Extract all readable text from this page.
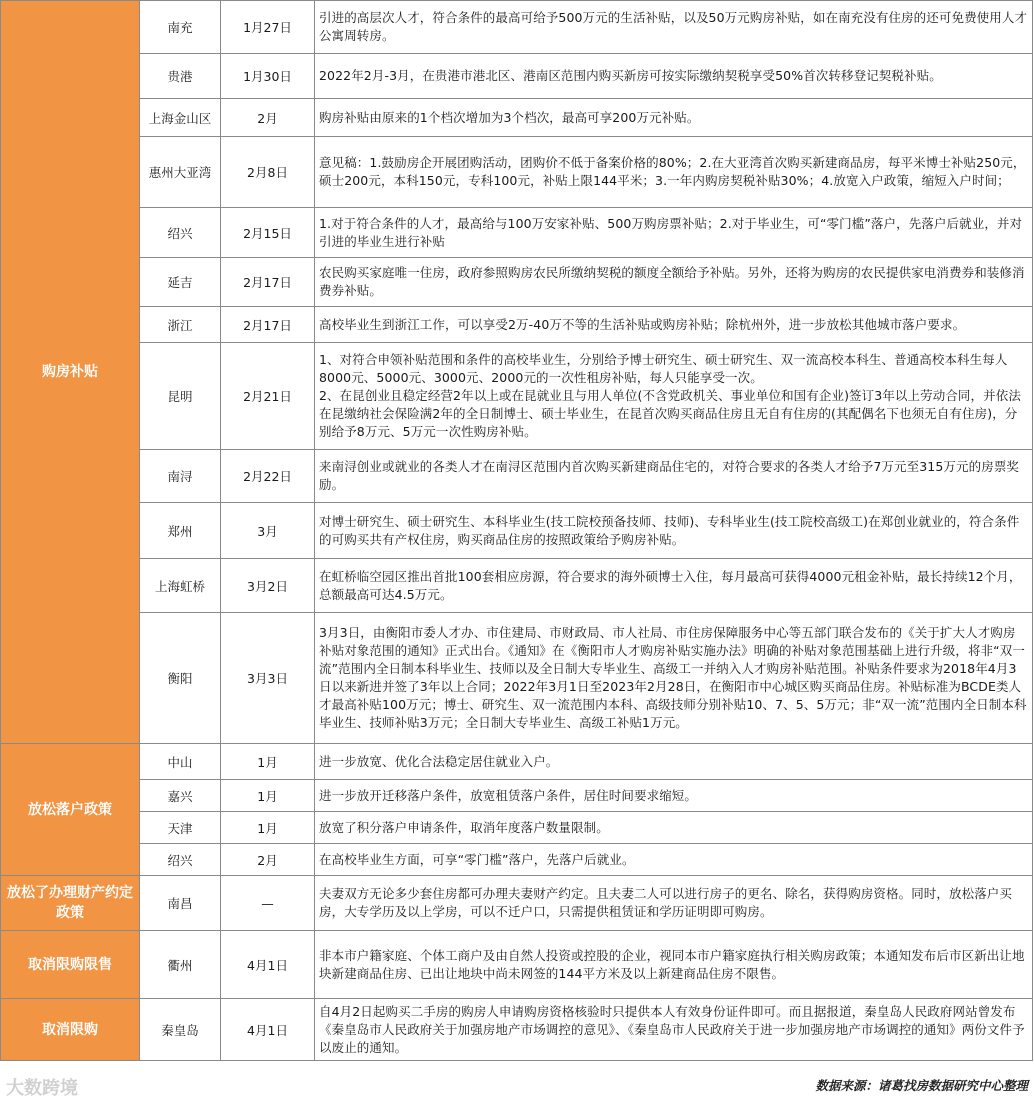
购房补贴	南充	1月27日	引进的高层次人才，符合条件的最高可给予500万元的生活补贴，以及50万元购房补贴，如在南充没有住房的还可免费使用人才公寓周转房。
	贵港	1月30日	2022年2月-3月，在贵港市港北区、港南区范围内购买新房可按实际缴纳契税享受50%首次转移登记契税补贴。
	上海金山区	2月	购房补贴由原来的1个档次增加为3个档次，最高可享200万元补贴。
	惠州大亚湾	2月8日	意见稿：1.鼓励房企开展团购活动，团购价不低于备案价格的80%；2.在大亚湾首次购买新建商品房，每平米博士补贴250元，硕士200元，本科150元，专科100元，补贴上限144平米；3.一年内购房契税补贴30%；4.放宽入户政策，缩短入户时间；
	绍兴	2月15日	1.对于符合条件的人才，最高给与100万安家补贴、500万购房票补贴；2.对于毕业生，可“零门槛”落户，先落户后就业，并对引进的毕业生进行补贴
	延吉	2月17日	农民购买家庭唯一住房，政府参照购房农民所缴纳契税的额度全额给予补贴。另外，还将为购房的农民提供家电消费券和装修消费券补贴。
	浙江	2月17日	高校毕业生到浙江工作，可以享受2万-40万不等的生活补贴或购房补贴；除杭州外，进一步放松其他城市落户要求。
	昆明	2月21日	1、对符合申领补贴范围和条件的高校毕业生，分别给予博士研究生、硕士研究生、双一流高校本科生、普通高校本科生每人8000元、5000元、3000元、2000元的一次性租房补贴，每人只能享受一次。
2、在昆创业且稳定经营2年以上或在昆就业且与用人单位(不含党政机关、事业单位和国有企业)签订3年以上劳动合同，并依法在昆缴纳社会保险满2年的全日制博士、硕士毕业生，在昆首次购买商品住房且无自有住房的(其配偶名下也须无自有住房)，分别给予8万元、5万元一次性购房补贴。
	南浔	2月22日	来南浔创业或就业的各类人才在南浔区范围内首次购买新建商品住宅的，对符合要求的各类人才给予7万元至315万元的房票奖励。
	郑州	3月	对博士研究生、硕士研究生、本科毕业生(技工院校预备技师、技师)、专科毕业生(技工院校高级工)在郑创业就业的，符合条件的可购买共有产权住房，购买商品住房的按照政策给予购房补贴。
	上海虹桥	3月2日	在虹桥临空园区推出首批100套相应房源，符合要求的海外硕博士入住，每月最高可获得4000元租金补贴，最长持续12个月，总额最高可达4.5万元。
	衡阳	3月3日	3月3日，由衡阳市委人才办、市住建局、市财政局、市人社局、市住房保障服务中心等五部门联合发布的《关于扩大人才购房补贴对象范围的通知》正式出台。《通知》在《衡阳市人才购房补贴实施办法》明确的补贴对象范围基础上进行升级，将非“双一流”范围内全日制本科毕业生、技师以及全日制大专毕业生、高级工一并纳入人才购房补贴范围。补贴条件要求为2018年4月3日以来新进并签了3年以上合同；2022年3月1日至2023年2月28日，在衡阳市中心城区购买商品住房。补贴标准为BCDE类人才最高补贴100万元；博士、研究生、双一流范围内本科、高级技师分别补贴10、7、5、5万元；非“双一流”范围内全日制本科毕业生、技师补贴3万元；全日制大专毕业生、高级工补贴1万元。
放松落户政策	中山	1月	进一步放宽、优化合法稳定居住就业入户。
	嘉兴	1月	进一步放开迁移落户条件，放宽租赁落户条件，居住时间要求缩短。
	天津	1月	放宽了积分落户申请条件，取消年度落户数量限制。
	绍兴	2月	在高校毕业生方面，可享“零门槛”落户，先落户后就业。
放松了办理财产约定政策	南昌	—	夫妻双方无论多少套住房都可办理夫妻财产约定。且夫妻二人可以进行房子的更名、除名，获得购房资格。同时，放松落户买房，大专学历及以上学房，可以不迁户口，只需提供租赁证和学历证明即可购房。
取消限购限售	衢州	4月1日	非本市户籍家庭、个体工商户及由自然人投资或控股的企业，视同本市户籍家庭执行相关购房政策；本通知发布后市区新出让地块新建商品住房、已出让地块中尚未网签的144平方米及以上新建商品住房不限售。
取消限购	秦皇岛	4月1日	自4月2日起购买二手房的购房人申请购房资格核验时只提供本人有效身份证件即可。而且据报道，秦皇岛人民政府网站曾发布《秦皇岛市人民政府关于加强房地产市场调控的意见》、《秦皇岛市人民政府关于进一步加强房地产市场调控的通知》两份文件予以废止的通知。
大数跨境	数据来源：诸葛找房数据研究中心整理
